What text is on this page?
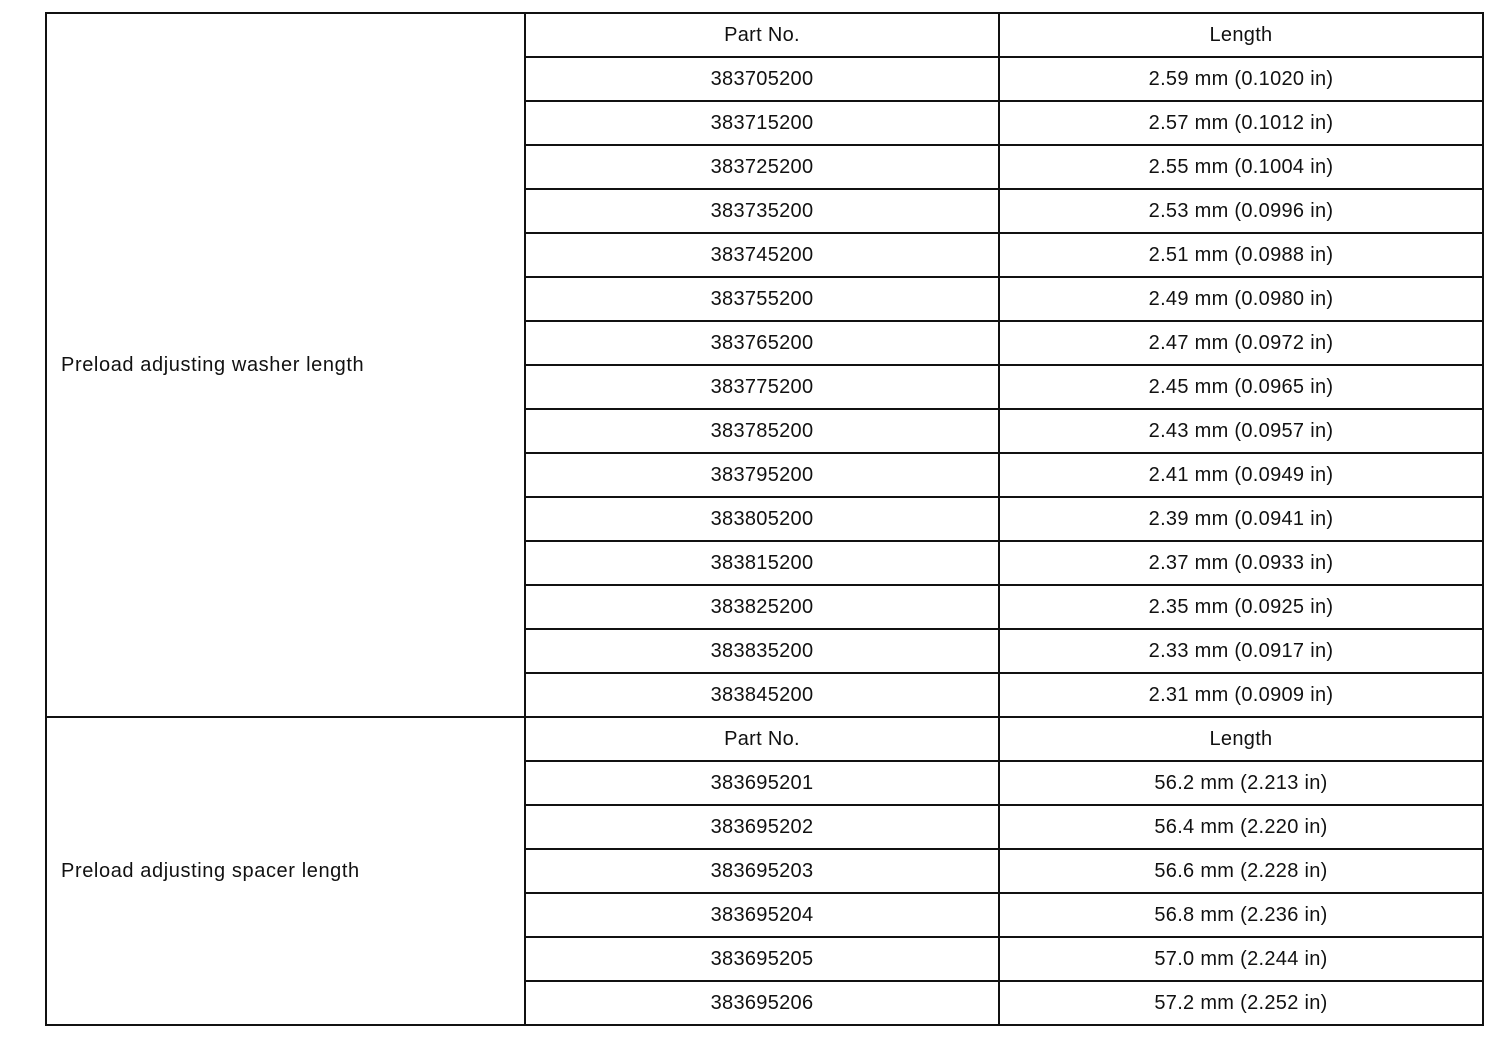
Preload adjusting washer length	Part No.	Length
	383705200	2.59 mm (0.1020 in)
	383715200	2.57 mm (0.1012 in)
	383725200	2.55 mm (0.1004 in)
	383735200	2.53 mm (0.0996 in)
	383745200	2.51 mm (0.0988 in)
	383755200	2.49 mm (0.0980 in)
	383765200	2.47 mm (0.0972 in)
	383775200	2.45 mm (0.0965 in)
	383785200	2.43 mm (0.0957 in)
	383795200	2.41 mm (0.0949 in)
	383805200	2.39 mm (0.0941 in)
	383815200	2.37 mm (0.0933 in)
	383825200	2.35 mm (0.0925 in)
	383835200	2.33 mm (0.0917 in)
	383845200	2.31 mm (0.0909 in)
Preload adjusting spacer length	Part No.	Length
	383695201	56.2 mm (2.213 in)
	383695202	56.4 mm (2.220 in)
	383695203	56.6 mm (2.228 in)
	383695204	56.8 mm (2.236 in)
	383695205	57.0 mm (2.244 in)
	383695206	57.2 mm (2.252 in)
